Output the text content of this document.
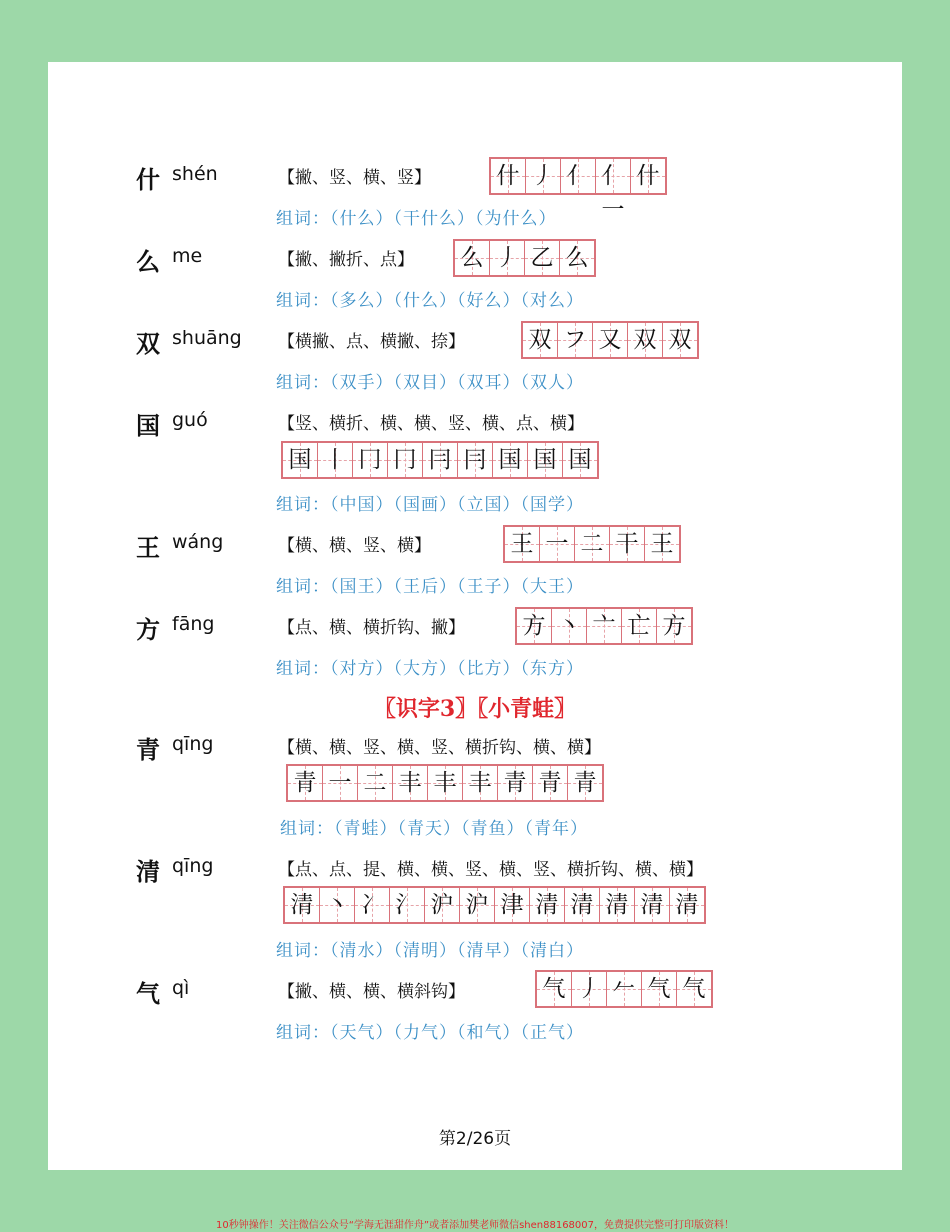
什 shén	【撇、竖、横、竖】	什 丿 亻 亻一
什
组词：（什么）（干什么）（为什么）
么 me	【撇、撇折、点】 么 丿 乙 么
组词：（多么）（什么）（好么）（对么）
双 shuāng 【横撇、点、横撇、捺】	双 フ 又 双 双
组词：（双手）（双目）（双耳）（双人）
国 guó	【竖、横折、横、横、竖、横、点、横】
国 丨 冂 冂 冃 冃 国 国 国
组词：（中国）（国画）（立国）（国学）
王 wáng	【横、横、竖、横】	王 一 二 干 王
组词：（国王）（王后）（王子）（大王）
方 fāng	【点、横、横折钩、撇】	方 丶 亠 亡 方
组词：（对方）（大方）（比方）（东方）
〖识字3〗〖小青蛙〗
青 qīng	【横、横、竖、横、竖、横折钩、横、横】
青 一 二 丰 丰 丰 青 青 青
组词：（青蛙）（青天）（青鱼）（青年）
清 qīng	【点、点、提、横、横、竖、横、竖、横折钩、横、横】
清 丶 冫 氵 沪 沪 津 清 清 清 清 清
组词：（清水）（清明）（清早）（清白）
气 qì	【撇、横、横、横斜钩】	气 丿 𠂉 气 气
组词：（天气）（力气）（和气）（正气）
第2/26页
10秒钟操作！关注微信公众号“学海无涯甜作舟”或者添加樊老师微信shen88168007，免费提供完整可打印版资料！
